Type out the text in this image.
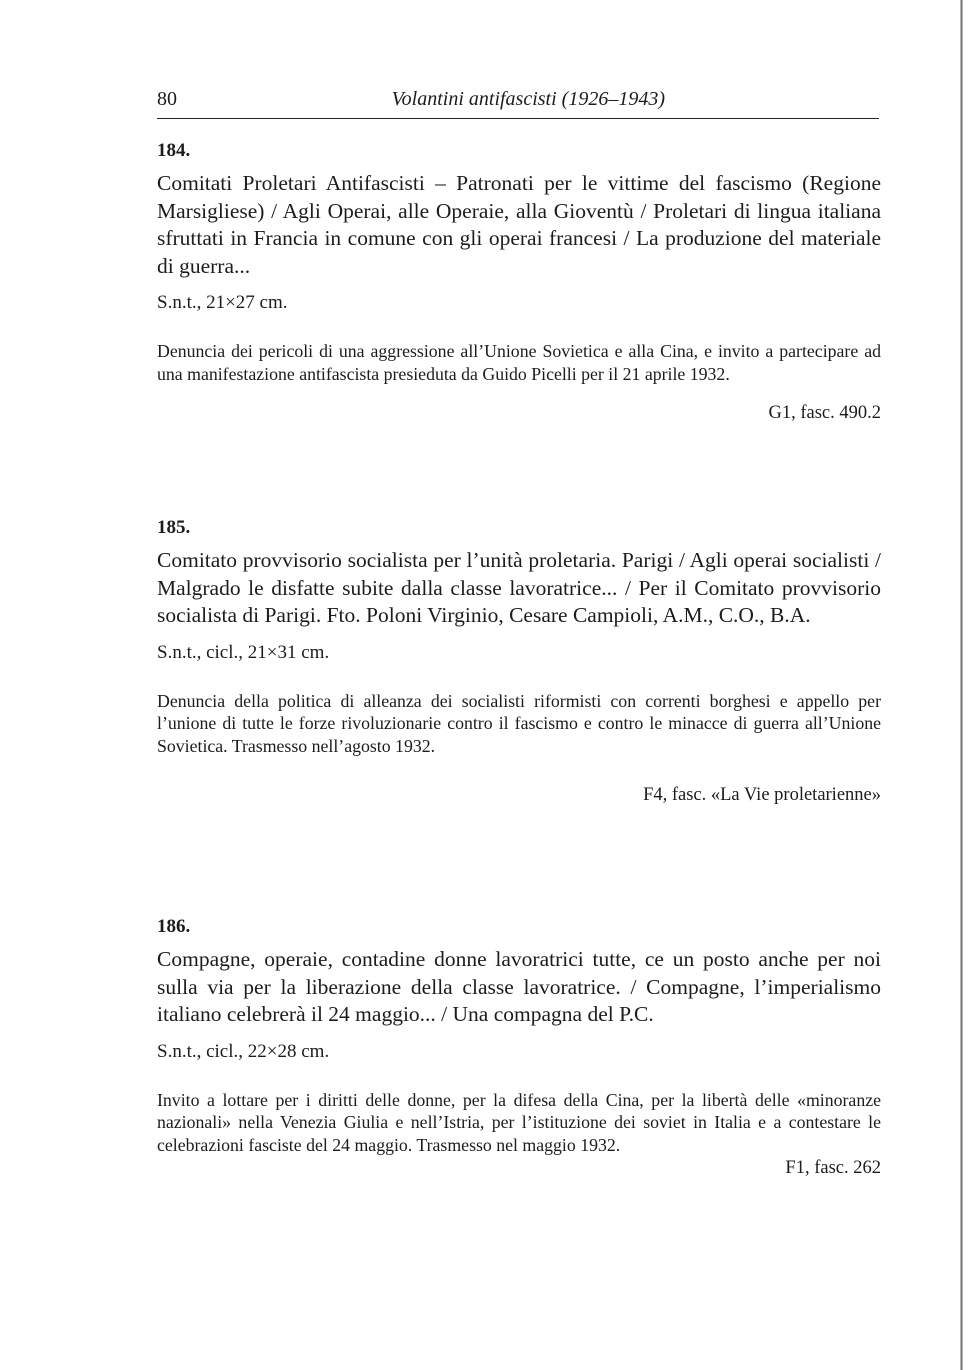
80	Volantini antifascisti (1926–1943)
184.

Comitati Proletari Antifascisti – Patronati per le vittime del fascismo (Regione Marsigliese) / Agli Operai, alle Operaie, alla Gioventù / Proletari di lingua italiana sfruttati in Francia in comune con gli operai francesi / La produzione del materiale di guerra...

S.n.t., 21×27 cm.

Denuncia dei pericoli di una aggressione all’Unione Sovietica e alla Cina, e invito a partecipare ad una manifestazione antifascista presieduta da Guido Picelli per il 21 aprile 1932.

G1, fasc. 490.2
185.

Comitato provvisorio socialista per l’unità proletaria. Parigi / Agli operai socialisti / Malgrado le disfatte subite dalla classe lavoratrice... / Per il Comitato provvisorio socialista di Parigi. Fto. Poloni Virginio, Cesare Campioli, A.M., C.O., B.A.

S.n.t., cicl., 21×31 cm.

Denuncia della politica di alleanza dei socialisti riformisti con correnti borghesi e appello per l’unione di tutte le forze rivoluzionarie contro il fascismo e contro le minacce di guerra all’Unione Sovietica. Trasmesso nell’agosto 1932.

F4, fasc. «La Vie proletarienne»
186.

Compagne, operaie, contadine donne lavoratrici tutte, ce un posto anche per noi sulla via per la liberazione della classe lavoratrice. / Compagne, l’imperialismo italiano celebrerà il 24 maggio... / Una compagna del P.C.

S.n.t., cicl., 22×28 cm.

Invito a lottare per i diritti delle donne, per la difesa della Cina, per la libertà delle «minoranze nazionali» nella Venezia Giulia e nell’Istria, per l’istituzione dei soviet in Italia e a contestare le celebrazioni fasciste del 24 maggio. Trasmesso nel maggio 1932.

F1, fasc. 262
